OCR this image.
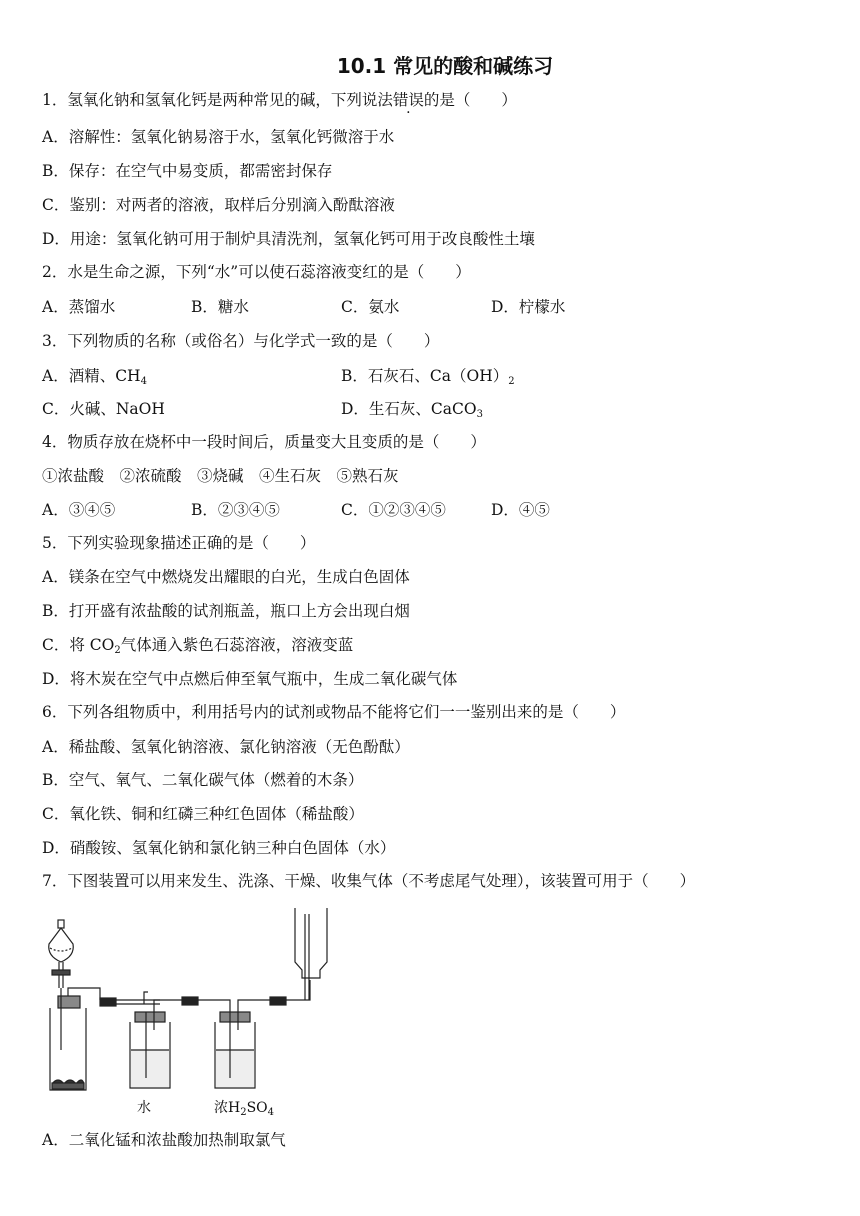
10.1 常见的酸和碱练习
1．氢氧化钠和氢氧化钙是两种常见的碱，下列说法错误的是（　　）
A．溶解性：氢氧化钠易溶于水，氢氧化钙微溶于水
B．保存：在空气中易变质，都需密封保存
C．鉴别：对两者的溶液，取样后分别滴入酚酞溶液
D．用途：氢氧化钠可用于制炉具清洗剂，氢氧化钙可用于改良酸性土壤
2．水是生命之源，下列“水”可以使石蕊溶液变红的是（　　）
A．蒸馏水	B．糖水	C．氨水	D．柠檬水
3．下列物质的名称（或俗名）与化学式一致的是（　　）
A．酒精、$CH_4$	B．石灰石、$Ca(OH)_2$
C．火碱、NaOH	D．生石灰、CaCO$_3$
4．物质存放在烧杯中一段时间后，质量变大且变质的是（　　）
①浓盐酸　②浓硫酸　③烧碱　④生石灰　⑤熟石灰
A．③④⑤	B．②③④⑤	C．①②③④⑤	D．④⑤
5．下列实验现象描述正确的是（　　）
A．镁条在空气中燃烧发出耀眼的白光，生成白色固体
B．打开盛有浓盐酸的试剂瓶盖，瓶口上方会出现白烟
C．将 $CO_2$气体通入紫色石蕊溶液，溶液变蓝
D．将木炭在空气中点燃后伸至氧气瓶中，生成二氧化碳气体
6．下列各组物质中，利用括号内的试剂或物品不能将它们一一鉴别出来的是（　　）
A．稀盐酸、氢氧化钠溶液、氯化钠溶液（无色酚酞）
B．空气、氧气、二氧化碳气体（燃着的木条）
C．氧化铁、铜和红磷三种红色固体（稀盐酸）
D．硝酸铵、氢氧化钠和氯化钠三种白色固体（水）
7．下图装置可以用来发生、洗涤、干燥、收集气体（不考虑尾气处理），该装置可用于（　　）
水	浓$H_2SO_4$
A．二氧化锰和浓盐酸加热制取氯气
